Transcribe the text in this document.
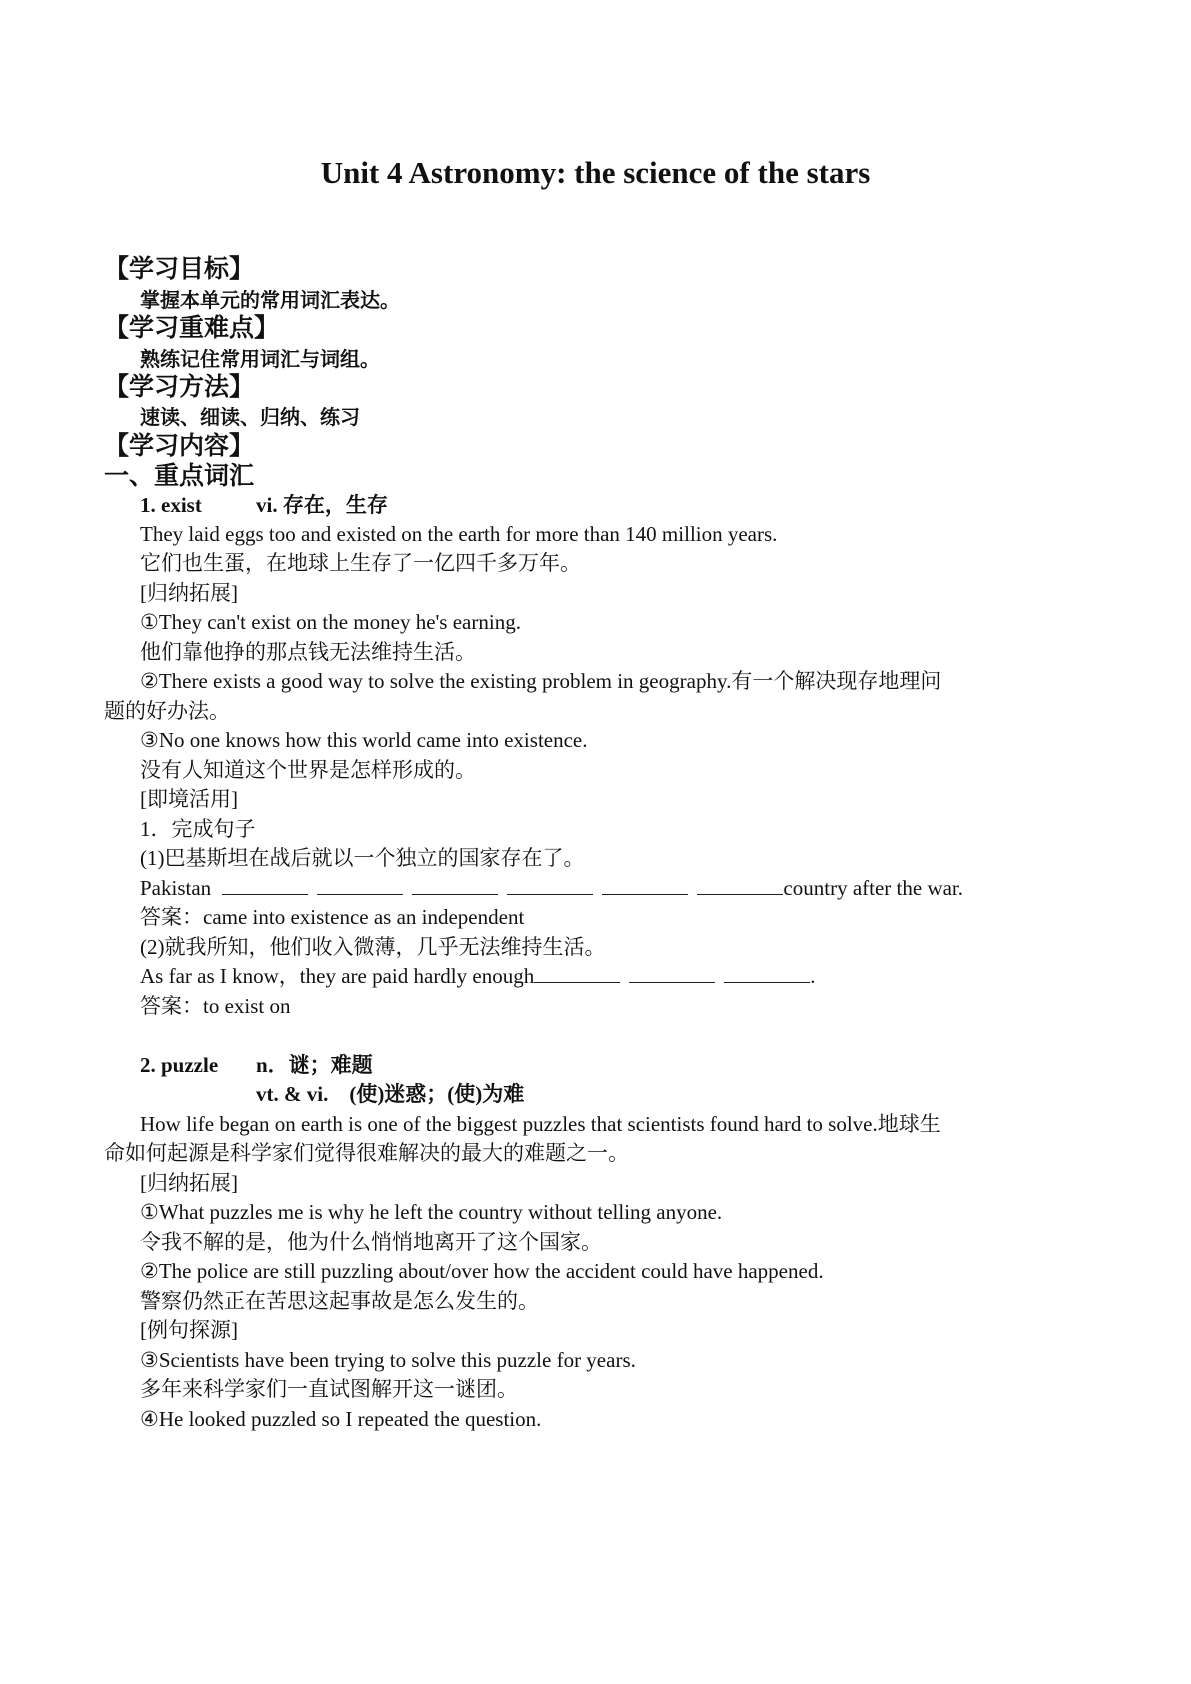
Unit 4 Astronomy: the science of the stars
【学习目标】
掌握本单元的常用词汇表达。
【学习重难点】
熟练记住常用词汇与词组。
【学习方法】
速读、细读、归纳、练习
【学习内容】
一、重点词汇
1. exist	vi. 存在，生存
They laid eggs too and existed on the earth for more than 140 million years.
它们也生蛋，在地球上生存了一亿四千多万年。
[归纳拓展]
①They can't exist on the money he's earning.
他们靠他挣的那点钱无法维持生活。
②There exists a good way to solve the existing problem in geography.有一个解决现存地理问
题的好办法。
③No one knows how this world came into existence.
没有人知道这个世界是怎样形成的。
[即境活用]
1．完成句子
(1)巴基斯坦在战后就以一个独立的国家存在了。
Pakistan	country after the war.
答案：came into existence as an independent
(2)就我所知，他们收入微薄，几乎无法维持生活。
As far as I know，they are paid hardly enough	.
答案：to exist on
2. puzzle n．谜；难题
vt. & vi.　(使)迷惑；(使)为难
How life began on earth is one of the biggest puzzles that scientists found hard to solve.地球生
命如何起源是科学家们觉得很难解决的最大的难题之一。
[归纳拓展]
①What puzzles me is why he left the country without telling anyone.
令我不解的是，他为什么悄悄地离开了这个国家。
②The police are still puzzling about/over how the accident could have happened.
警察仍然正在苦思这起事故是怎么发生的。
[例句探源]
③Scientists have been trying to solve this puzzle for years.
多年来科学家们一直试图解开这一谜团。
④He looked puzzled so I repeated the question.
